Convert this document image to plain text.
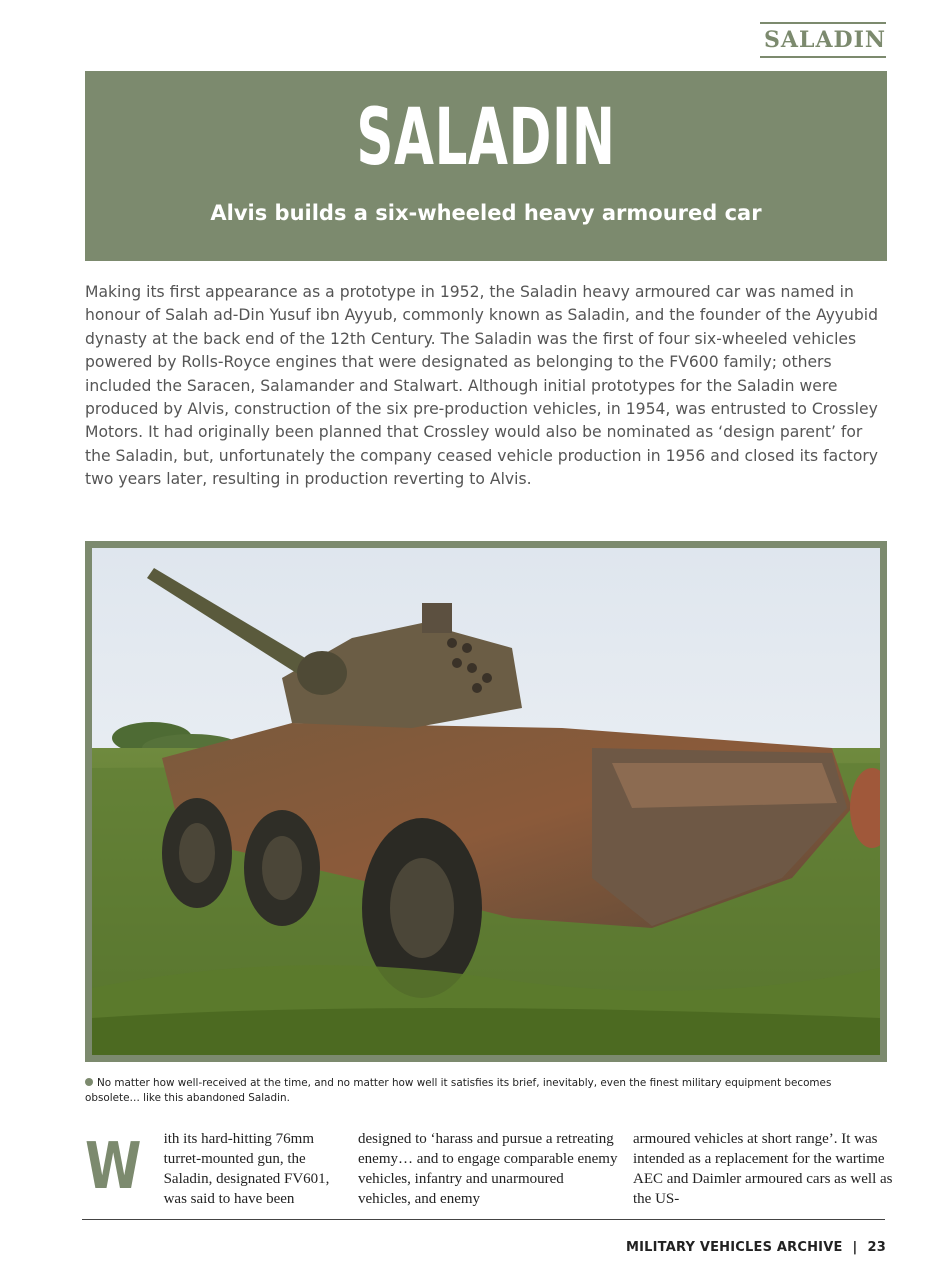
SALADIN
SALADIN
Alvis builds a six-wheeled heavy armoured car
Making its first appearance as a prototype in 1952, the Saladin heavy armoured car was named in honour of Salah ad-Din Yusuf ibn Ayyub, commonly known as Saladin, and the founder of the Ayyubid dynasty at the back end of the 12th Century. The Saladin was the first of four six-wheeled vehicles powered by Rolls-Royce engines that were designated as belonging to the FV600 family; others included the Saracen, Salamander and Stalwart. Although initial prototypes for the Saladin were produced by Alvis, construction of the six pre-production vehicles, in 1954, was entrusted to Crossley Motors. It had originally been planned that Crossley would also be nominated as ‘design parent’ for the Saladin, but, unfortunately the company ceased vehicle production in 1956 and closed its factory two years later, resulting in production reverting to Alvis.
No matter how well-received at the time, and no matter how well it satisfies its brief, inevitably, even the finest military equipment becomes obsolete… like this abandoned Saladin.
W ith its hard-hitting 76mm turret-mounted gun, the Saladin, designated FV601, was said to have been
designed to ‘harass and pursue a retreating enemy… and to engage comparable enemy vehicles, infantry and unarmoured vehicles, and enemy
armoured vehicles at short range’. It was intended as a replacement for the wartime AEC and Daimler armoured cars as well as the US-
MILITARY VEHICLES ARCHIVE | 23
